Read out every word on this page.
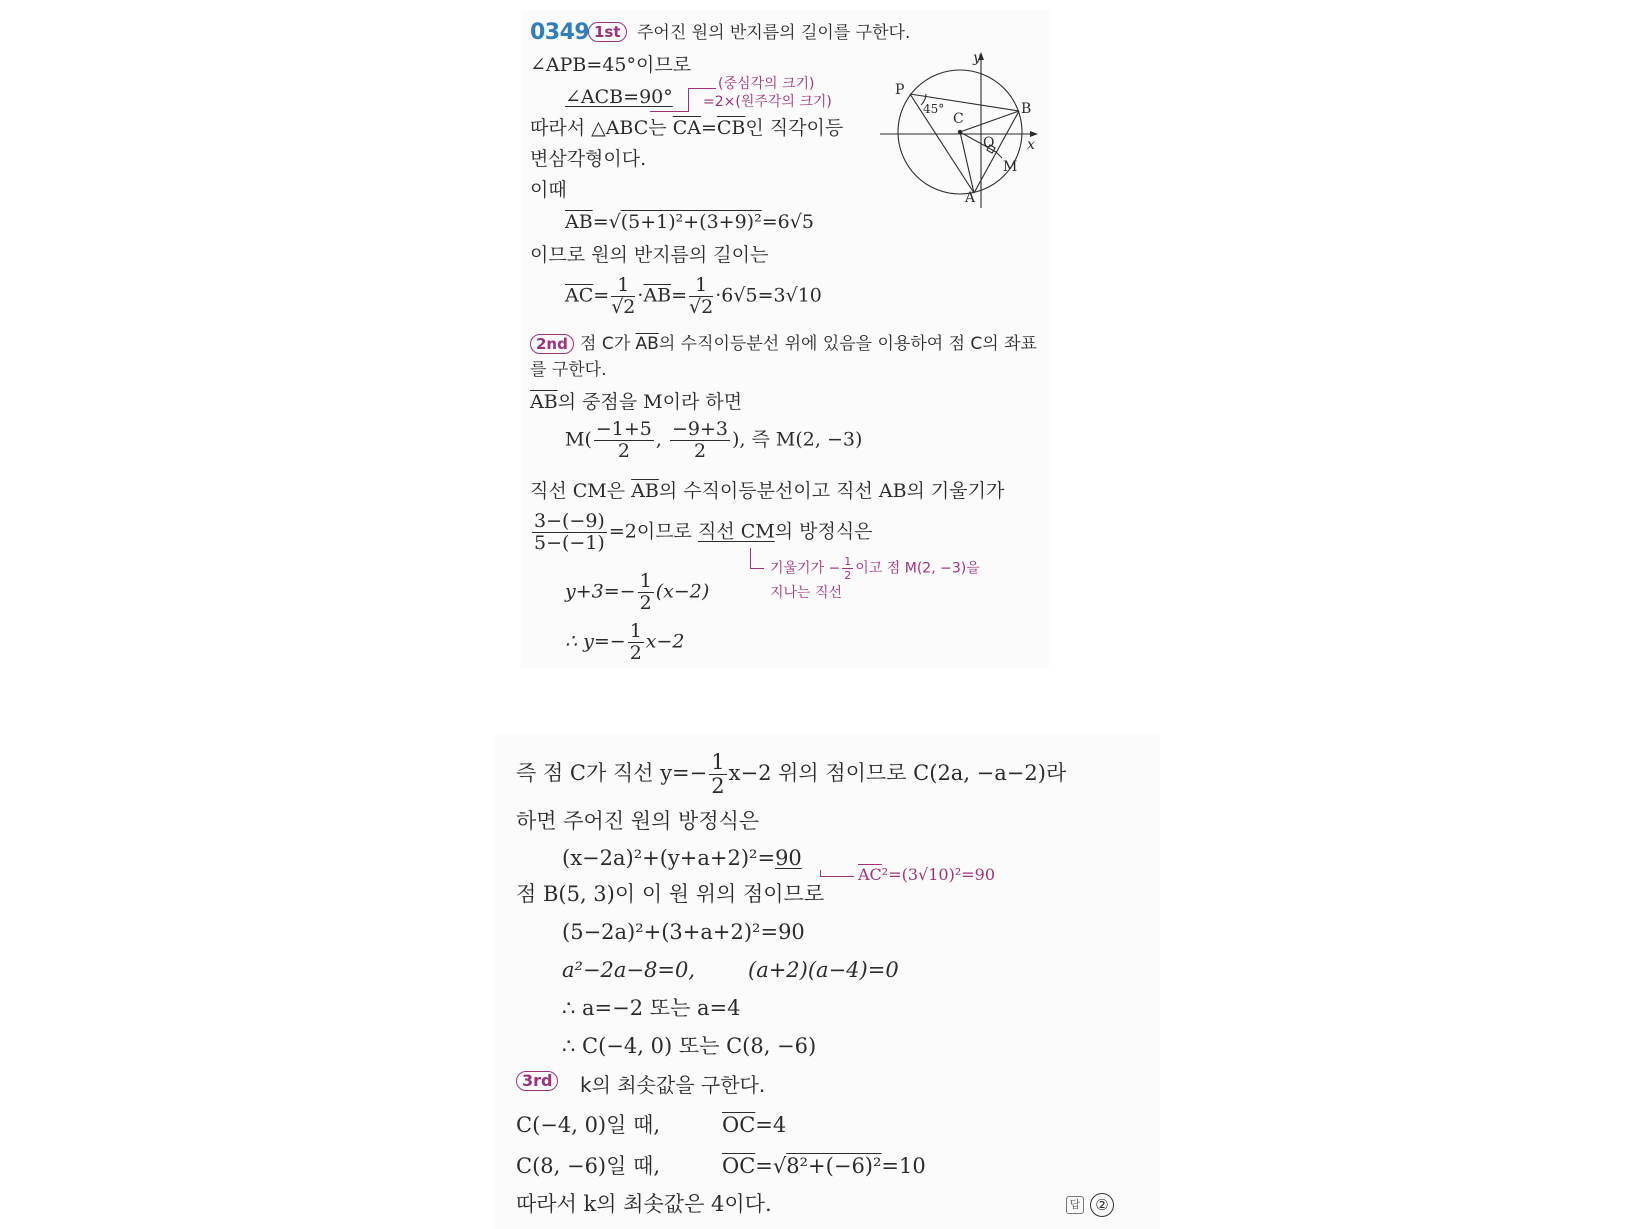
0349 1st 주어진 원의 반지름의 길이를 구한다.
∠APB=45°이므로
∠ACB=90°
(중심각의 크기)
=2×(원주각의 크기)
따라서 △ABC는 $\overline{CA}=\overline{CB}$인 직각이등
변삼각형이다.
이때
$\overline{AB}=√(5+1)^2+(3+9)^2=6√5$
이므로 원의 반지름의 길이는
$\overline{AC}= \frac{1}{√2} \cdot\overline{AB}= \frac{1}{√2} \cdot 6√5=3√10$
2nd 점 C가 $\overline{AB}$의 수직이등분선 위에 있음을 이용하여 점 C의 좌표
를 구한다.
$\overline{AB}$의 중점을 M이라 하면
$M( \frac{-1+5}{2}$ , $\frac{-9+3}{2}$ ), 즉 M(2, −3)
직선 CM은 $\overline{AB}$의 수직이등분선이고 직선 AB의 기울기가
$\frac{3-(-9)}{5-(-1)} =2$이므로 직선 CM의 방정식은
기울기가 − $\frac{1}{2}$ 이고 점 M(2, −3)을
지나는 직선
$y+3=- \frac{1}{2} (x-2)$
∴ $y=- \frac{1}{2} x-2$
y
x
P
B
C
O
M
A
45°
즉 점 C가 직선 $y=- \frac{1}{2} x-2$ 위의 점이므로 C(2a, −a−2)라
하면 주어진 원의 방정식은
(x−2a)²+(y+a+2)²=90
$\overline{AC}^2=(3√10)^2=90$
점 B(5, 3)이 이 원 위의 점이므로
(5−2a)²+(3+a+2)²=90
a²−2a−8=0,	(a+2)(a−4)=0
∴ a=−2 또는 a=4
∴ C(−4, 0) 또는 C(8, −6)
3rd	k의 최솟값을 구한다.
C(−4, 0)일 때,	$\overline{OC}=4$
C(8, −6)일 때,	$\overline{OC}=√8^2+(-6)^2=10$
따라서 k의 최솟값은 4이다.	답 ②
